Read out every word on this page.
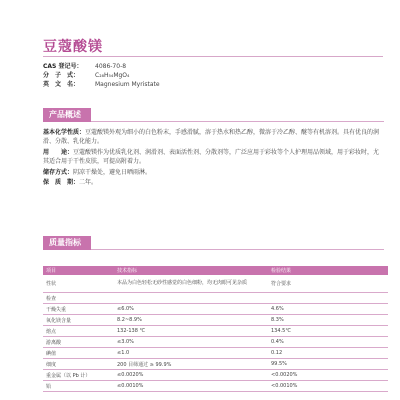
豆蔻酸镁
CAS 登记号： 4086-70-8
分　子　式：	C₂₈H₅₄MgO₄
英　文　名：	Magnesium Myristate
产品概述
基本化学性质：豆蔻酸镁外观为细小的白色粉末，手感滑腻，溶于热水和热乙醇，微溶于冷乙醇、醚等有机溶剂。具有优良的润滑、分散、乳化能力。
用　　途：豆蔻酸镁作为优质乳化剂、润滑剂、表面活性剂、分散剂等，广泛应用于彩妆等个人护理用品领域，用于彩妆时，尤其适合用于干性皮肤，可提高附着力。
储存方式：阴凉干燥处，避免日晒雨淋。
保　质　期：二年。
质量指标
项目	技术指标	检验结果
性状	本品为白色轻松无砂性感觉的白色细粉，均无肉眼可见杂质	符合要求
检查		
干燥失重	≤6.0%	4.6%
氧化镁含量	8.2~8.9%	8.3%
熔点	132-138 ℃	134.5℃
游离酸	≤3.0%	0.4%
碘值	≤1.0	0.12
细度	200 目筛通过 ≥ 99.9%	99.5%
重金属（以 Pb 计）	≤0.0020%	<0.0020%
铅	≤0.0010%	<0.0010%
